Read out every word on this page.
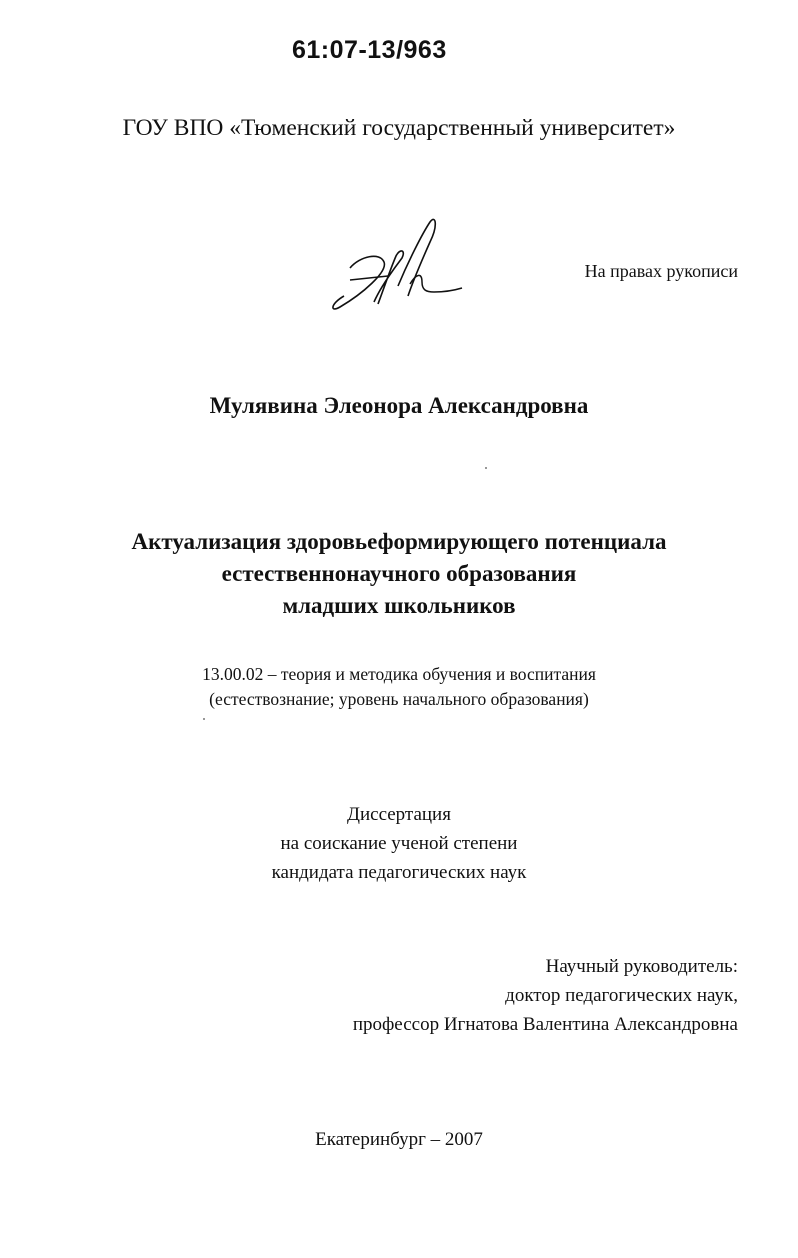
61:07-13/963
ГОУ ВПО «Тюменский государственный университет»
На правах рукописи
Мулявина Элеонора Александровна
Актуализация здоровьеформирующего потенциала
естественнонаучного образования
младших школьников
13.00.02 – теория и методика обучения и воспитания
(естествознание; уровень начального образования)
Диссертация
на соискание ученой степени
кандидата педагогических наук
Научный руководитель:
доктор педагогических наук,
профессор Игнатова Валентина Александровна
Екатеринбург – 2007
